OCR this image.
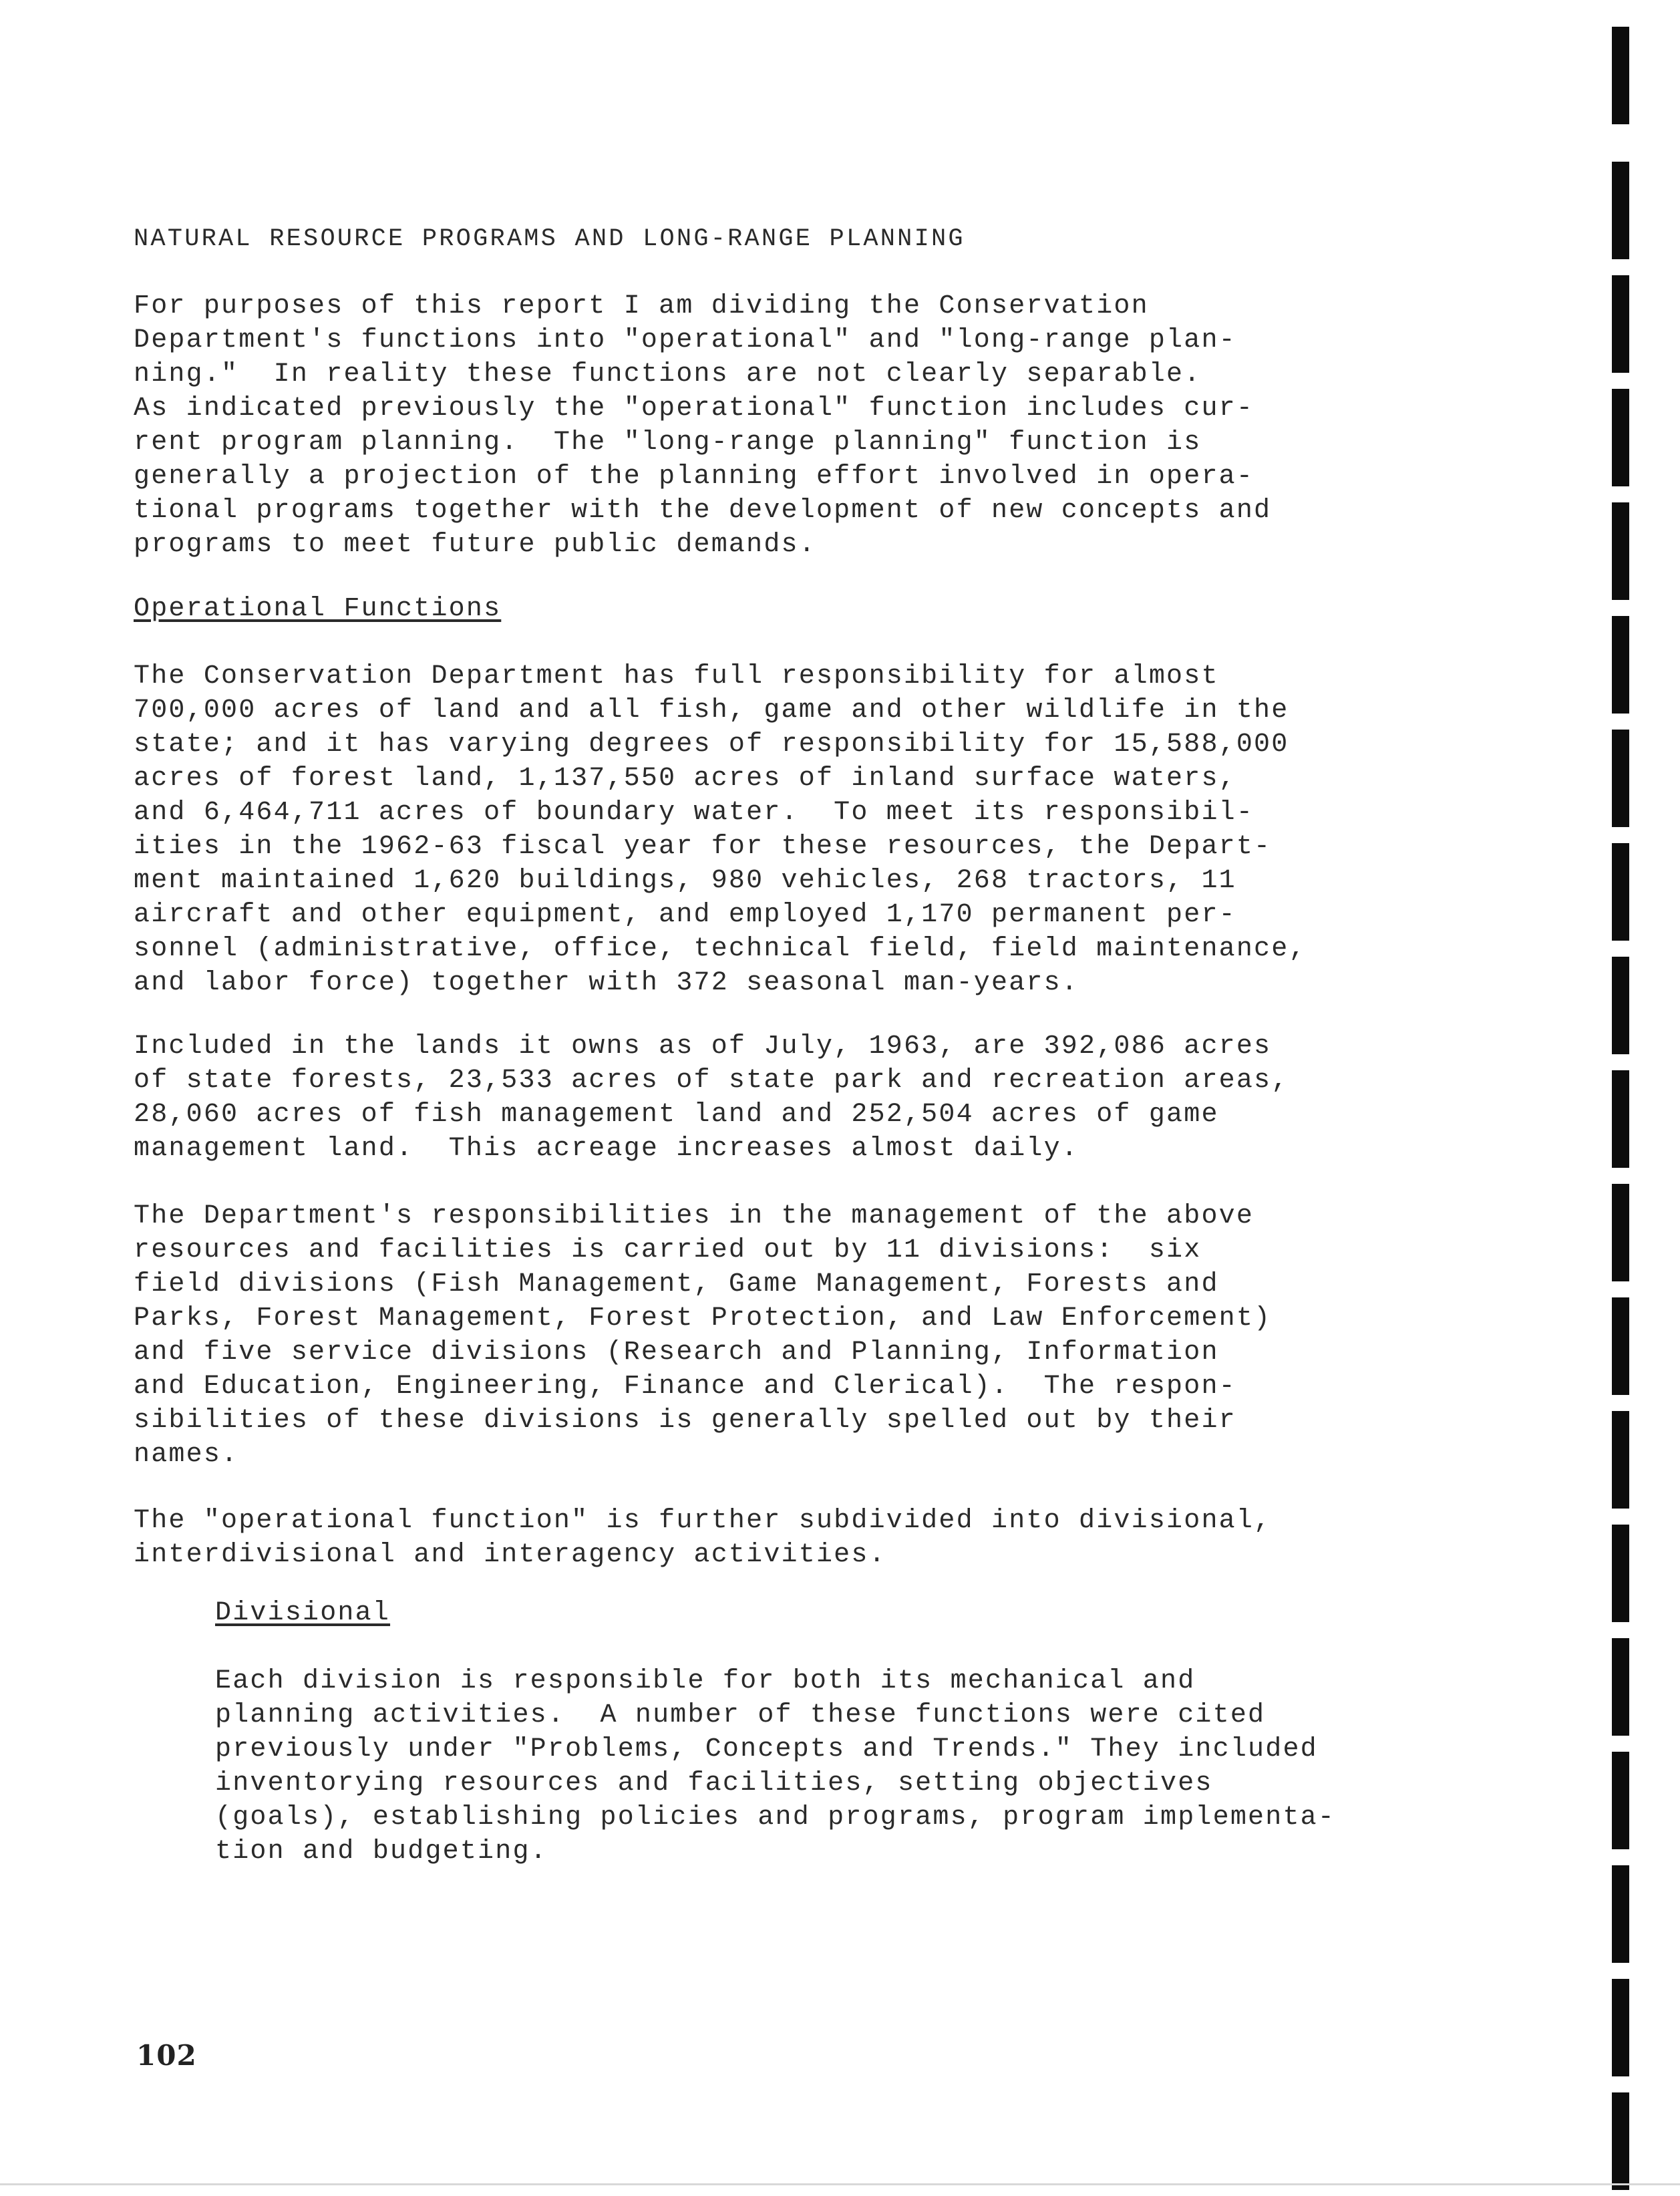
NATURAL RESOURCE PROGRAMS AND LONG-RANGE PLANNING
For purposes of this report I am dividing the Conservation
Department's functions into "operational" and "long-range plan-
ning."  In reality these functions are not clearly separable.
As indicated previously the "operational" function includes cur-
rent program planning.  The "long-range planning" function is
generally a projection of the planning effort involved in opera-
tional programs together with the development of new concepts and
programs to meet future public demands.
Operational Functions
The Conservation Department has full responsibility for almost
700,000 acres of land and all fish, game and other wildlife in the
state; and it has varying degrees of responsibility for 15,588,000
acres of forest land, 1,137,550 acres of inland surface waters,
and 6,464,711 acres of boundary water.  To meet its responsibil-
ities in the 1962-63 fiscal year for these resources, the Depart-
ment maintained 1,620 buildings, 980 vehicles, 268 tractors, 11
aircraft and other equipment, and employed 1,170 permanent per-
sonnel (administrative, office, technical field, field maintenance,
and labor force) together with 372 seasonal man-years.
Included in the lands it owns as of July, 1963, are 392,086 acres
of state forests, 23,533 acres of state park and recreation areas,
28,060 acres of fish management land and 252,504 acres of game
management land.  This acreage increases almost daily.
The Department's responsibilities in the management of the above
resources and facilities is carried out by 11 divisions:  six
field divisions (Fish Management, Game Management, Forests and
Parks, Forest Management, Forest Protection, and Law Enforcement)
and five service divisions (Research and Planning, Information
and Education, Engineering, Finance and Clerical).  The respon-
sibilities of these divisions is generally spelled out by their
names.
The "operational function" is further subdivided into divisional,
interdivisional and interagency activities.
Divisional
Each division is responsible for both its mechanical and
planning activities.  A number of these functions were cited
previously under "Problems, Concepts and Trends." They included
inventorying resources and facilities, setting objectives
(goals), establishing policies and programs, program implementa-
tion and budgeting.
102
